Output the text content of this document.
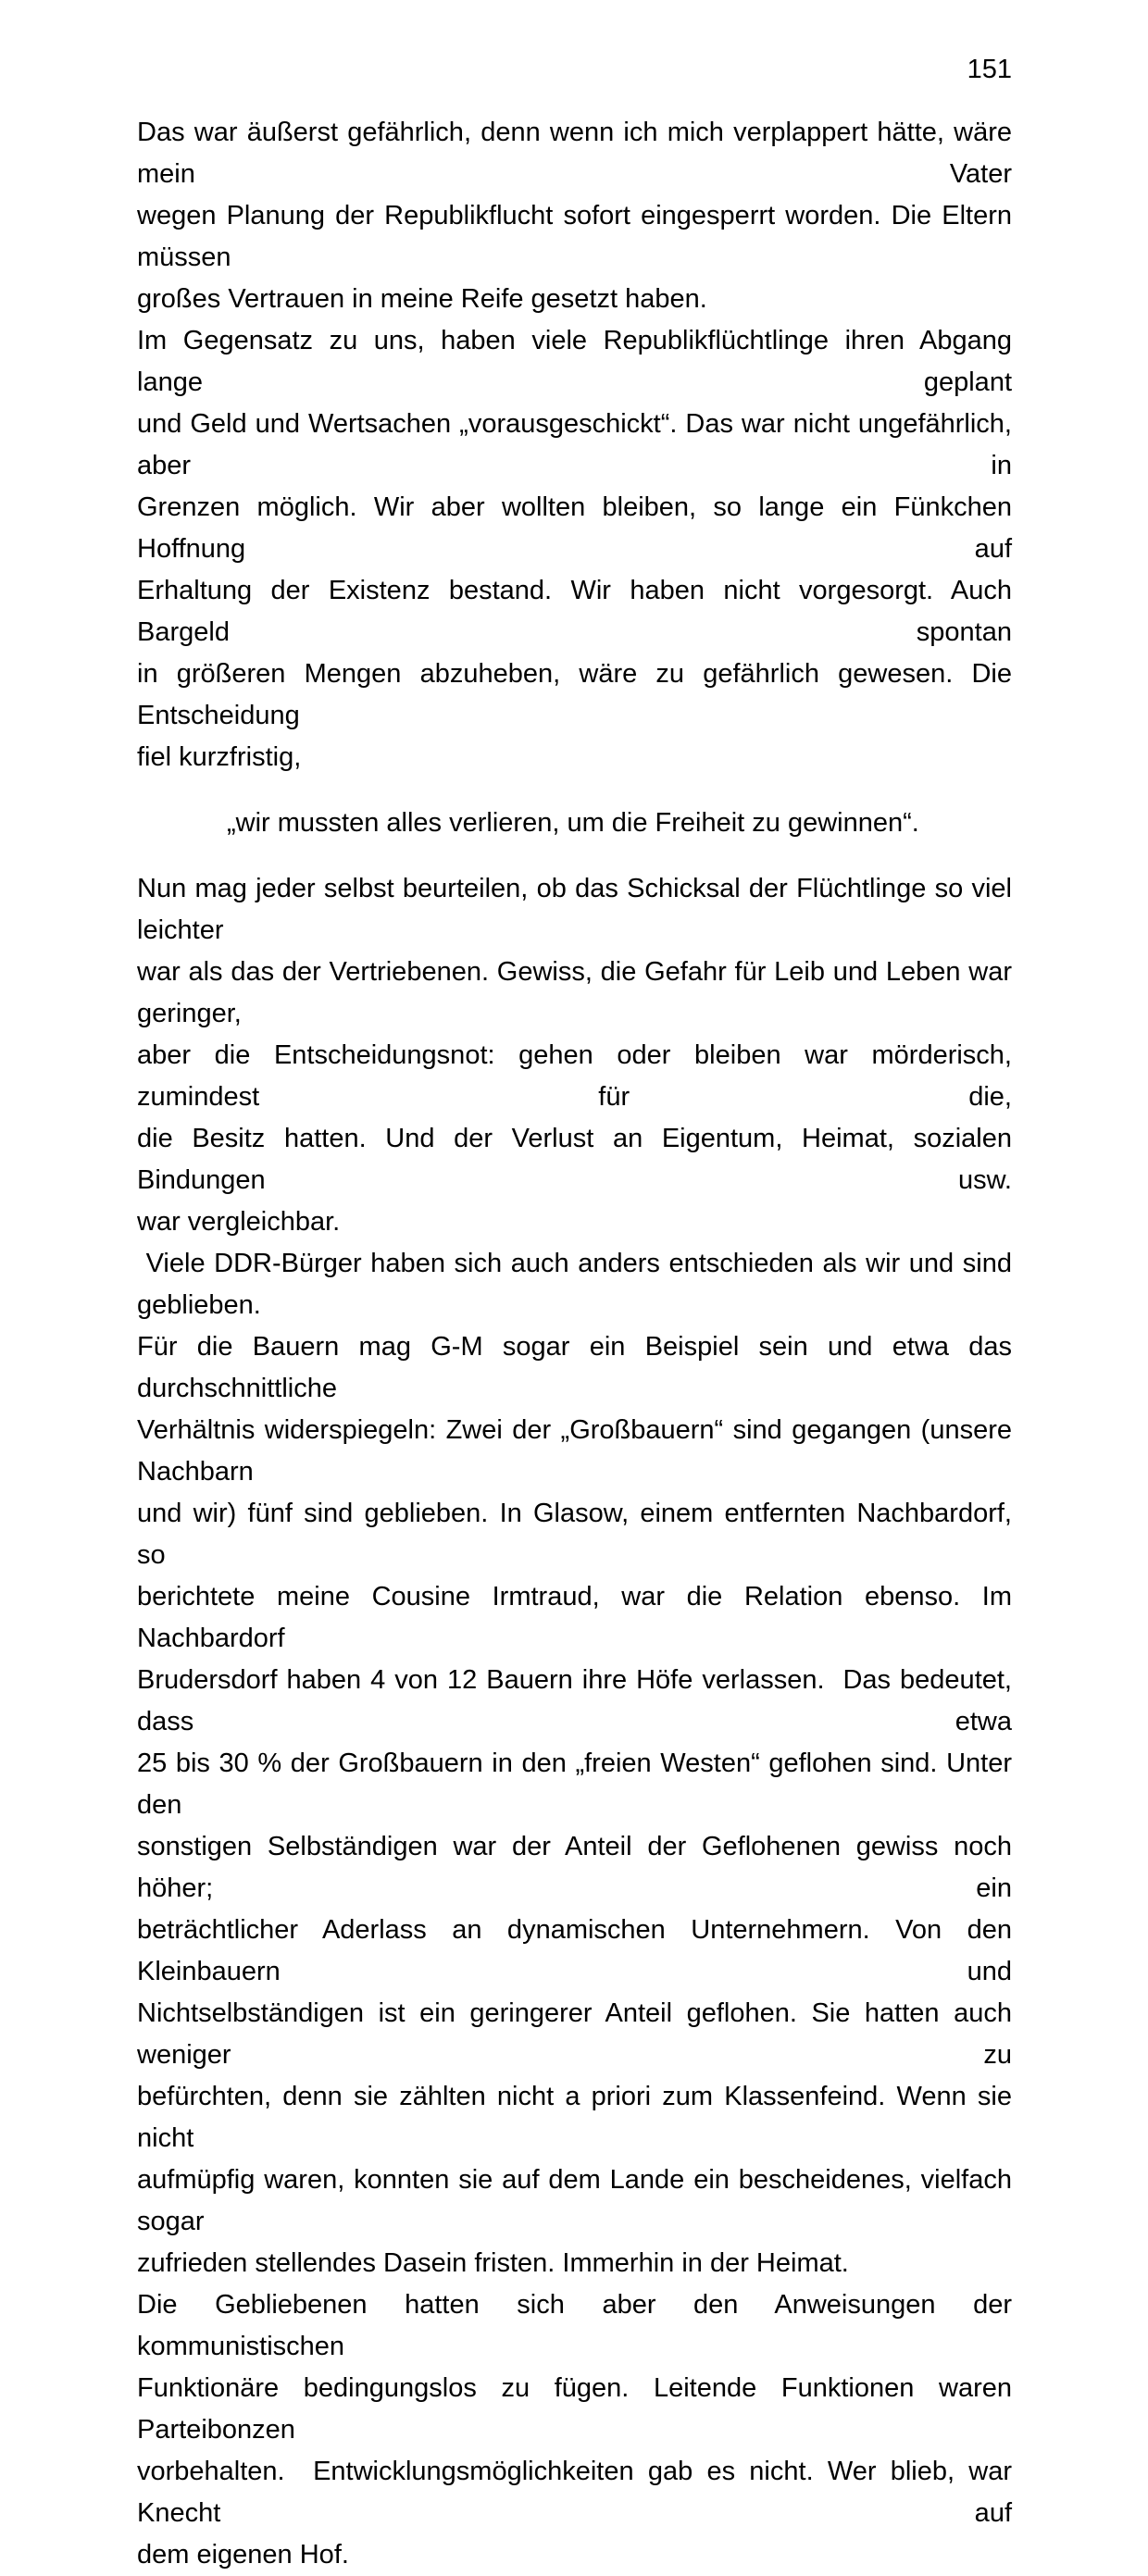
151
Das war äußerst gefährlich, denn wenn ich mich verplappert hätte, wäre mein Vater
wegen Planung der Republikflucht sofort eingesperrt worden. Die Eltern müssen
großes Vertrauen in meine Reife gesetzt haben.
Im Gegensatz zu uns, haben viele Republikflüchtlinge ihren Abgang lange geplant
und Geld und Wertsachen „vorausgeschickt“. Das war nicht ungefährlich, aber in
Grenzen möglich. Wir aber wollten bleiben, so lange ein Fünkchen Hoffnung auf
Erhaltung der Existenz bestand. Wir haben nicht vorgesorgt. Auch Bargeld spontan
in größeren Mengen abzuheben, wäre zu gefährlich gewesen. Die Entscheidung
fiel kurzfristig,
„wir mussten alles verlieren, um die Freiheit zu gewinnen“.
Nun mag jeder selbst beurteilen, ob das Schicksal der Flüchtlinge so viel leichter
war als das der Vertriebenen. Gewiss, die Gefahr für Leib und Leben war geringer,
aber die Entscheidungsnot: gehen oder bleiben war mörderisch, zumindest für die,
die Besitz hatten. Und der Verlust an Eigentum, Heimat, sozialen Bindungen usw.
war vergleichbar.
Viele DDR-Bürger haben sich auch anders entschieden als wir und sind geblieben.
Für die Bauern mag G-M sogar ein Beispiel sein und etwa das durchschnittliche
Verhältnis widerspiegeln: Zwei der „Großbauern“ sind gegangen (unsere Nachbarn
und wir) fünf sind geblieben. In Glasow, einem entfernten Nachbardorf, so
berichtete meine Cousine Irmtraud, war die Relation ebenso. Im Nachbardorf
Brudersdorf haben 4 von 12 Bauern ihre Höfe verlassen.  Das bedeutet, dass etwa
25 bis 30 % der Großbauern in den „freien Westen“ geflohen sind. Unter den
sonstigen Selbständigen war der Anteil der Geflohenen gewiss noch höher; ein
beträchtlicher Aderlass an dynamischen Unternehmern. Von den  Kleinbauern und
Nichtselbständigen ist ein geringerer Anteil geflohen. Sie hatten auch weniger zu
befürchten, denn sie zählten nicht a priori zum Klassenfeind. Wenn sie nicht
aufmüpfig waren, konnten sie auf dem Lande ein bescheidenes, vielfach sogar
zufrieden stellendes Dasein fristen. Immerhin in der Heimat.
Die Gebliebenen hatten sich aber den Anweisungen der kommunistischen
Funktionäre bedingungslos zu fügen. Leitende Funktionen waren Parteibonzen
vorbehalten.  Entwicklungsmöglichkeiten gab es nicht. Wer blieb, war Knecht auf
dem eigenen Hof.
